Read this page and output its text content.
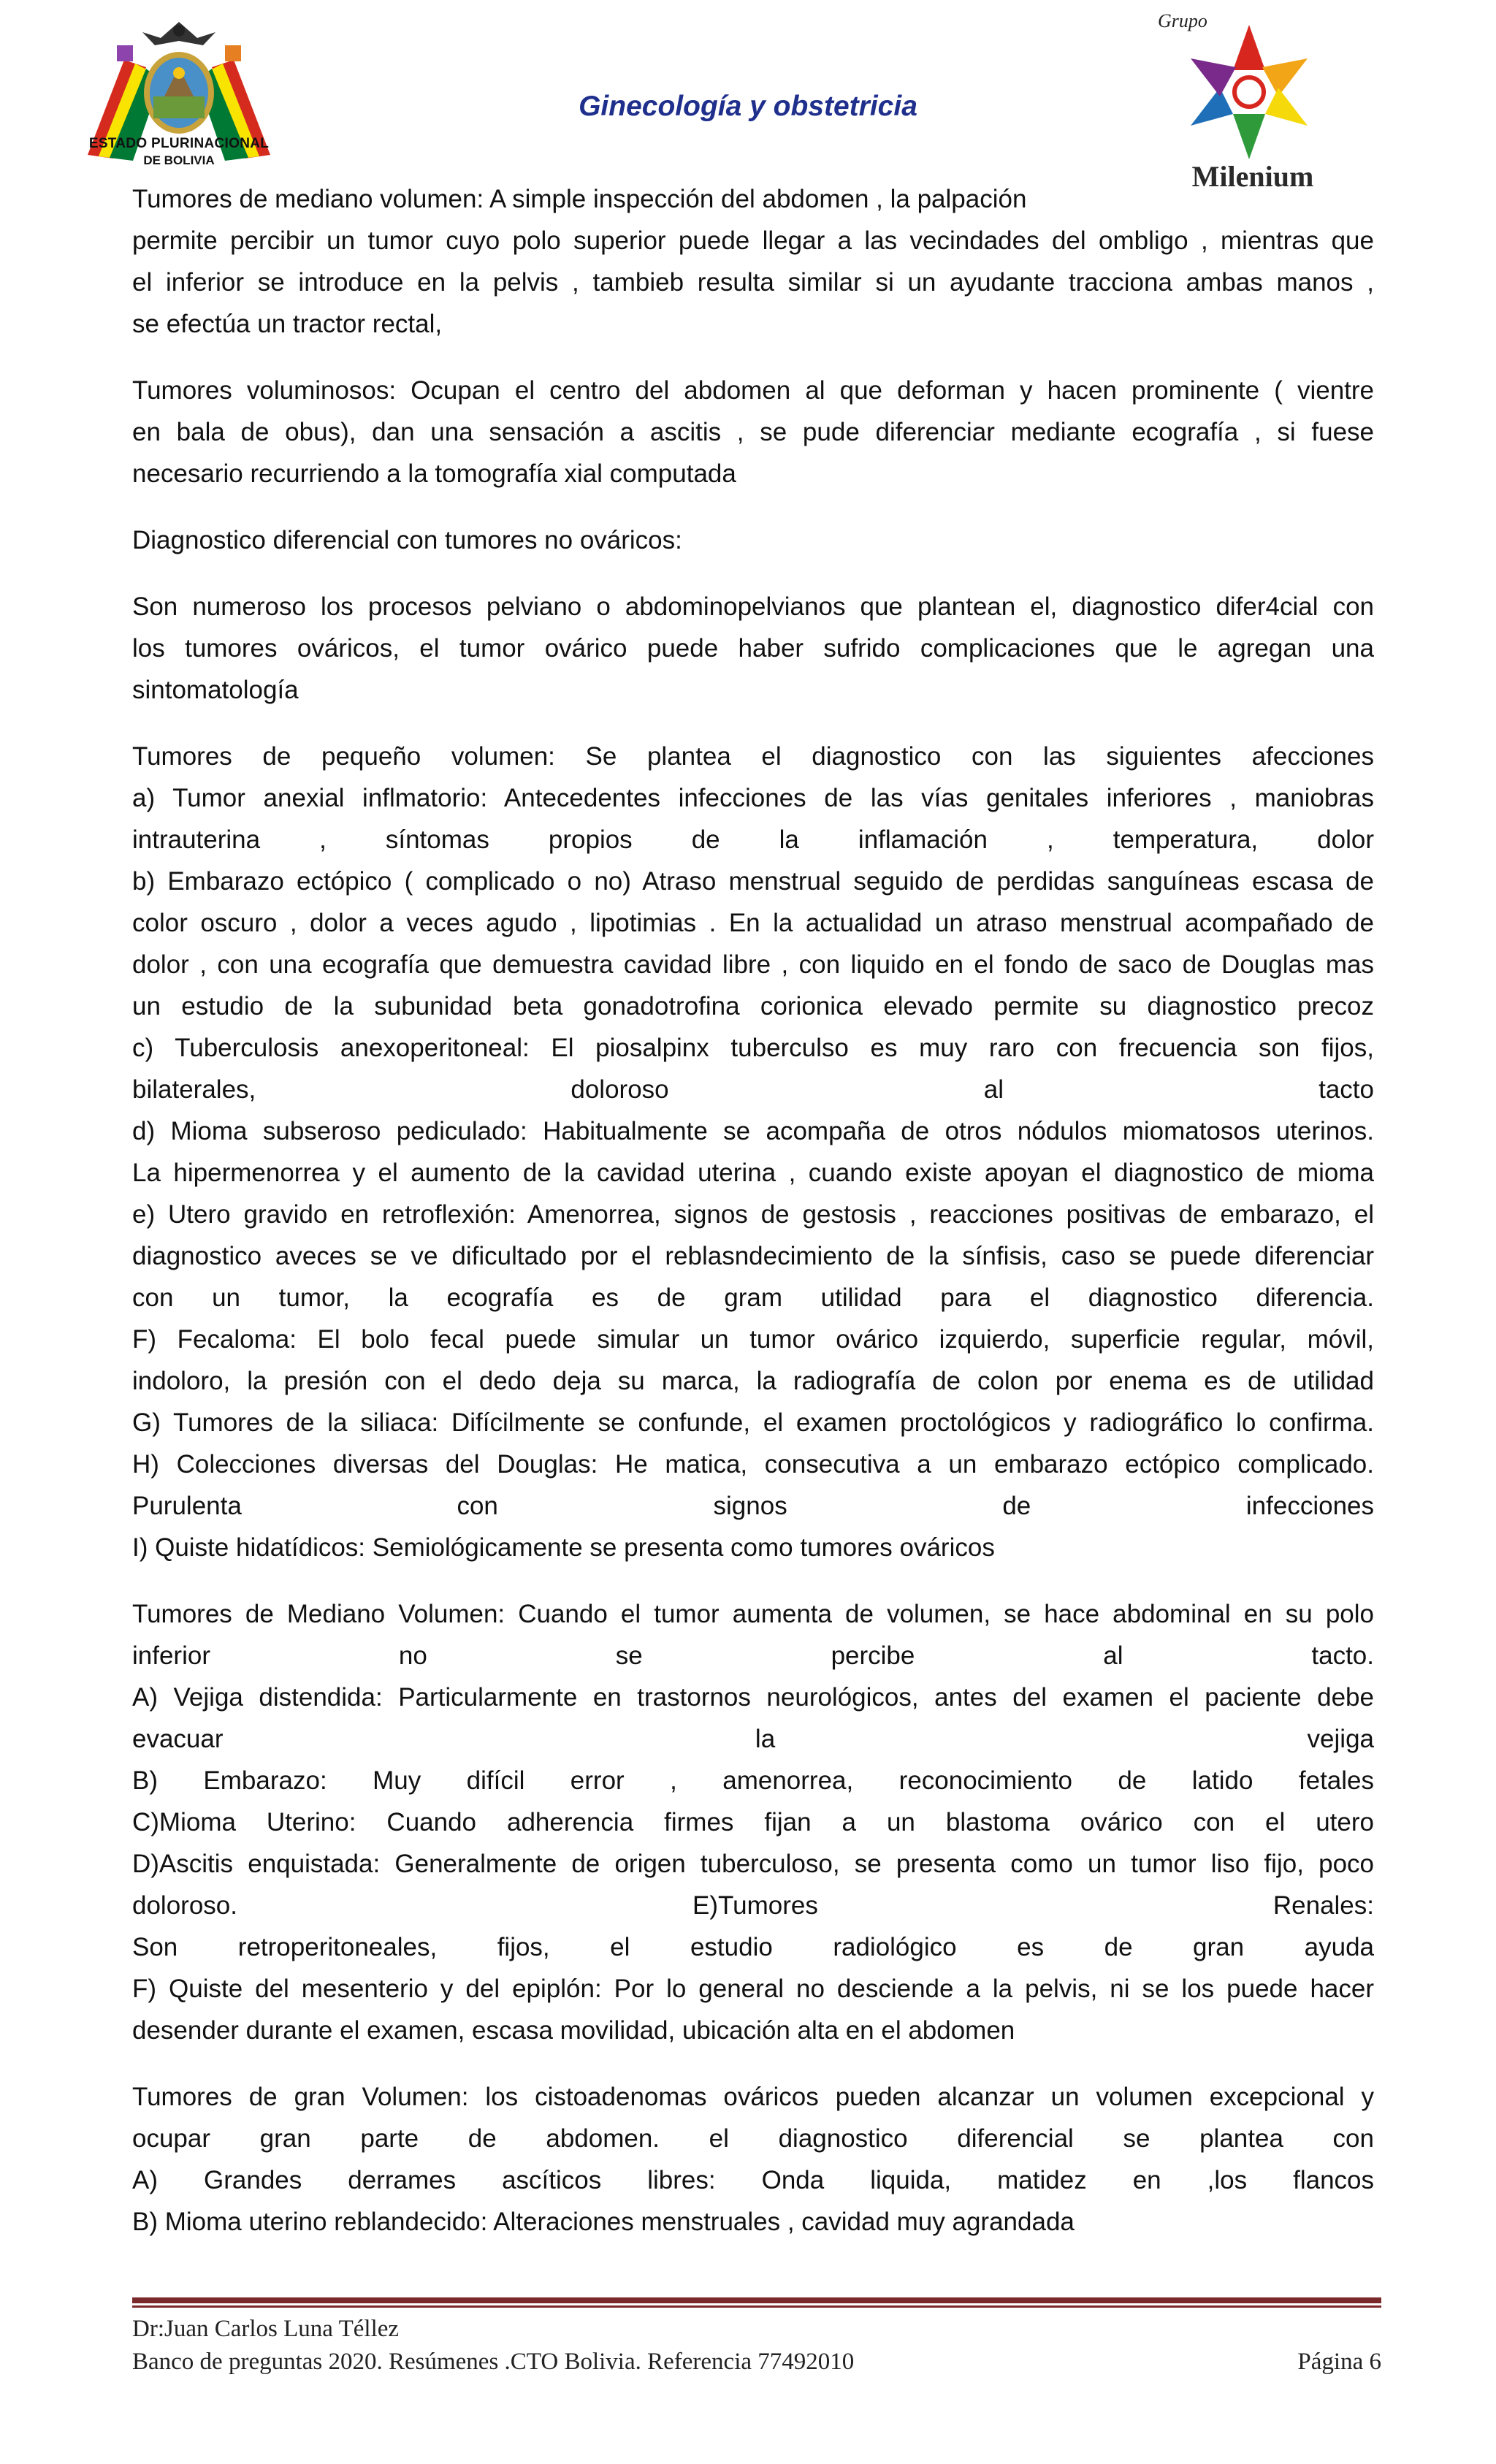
ESTADO PLURINACIONAL
DE BOLIVIA
Ginecología y obstetricia
Grupo
Milenium

Tumores de mediano volumen: A simple inspección del abdomen , la palpación
permite percibir un tumor cuyo polo superior puede llegar a las vecindades del ombligo , mientras que
el inferior se introduce en la pelvis , tambieb resulta similar si un ayudante tracciona ambas manos ,
se efectúa un tractor rectal,

Tumores voluminosos: Ocupan el centro del abdomen al que deforman y hacen prominente ( vientre
en bala de obus), dan una sensación a ascitis , se pude diferenciar mediante ecografía , si fuese
necesario recurriendo a la tomografía xial computada

Diagnostico diferencial con tumores no ováricos:

Son numeroso los procesos pelviano o abdominopelvianos que plantean el, diagnostico difer4cial con
los tumores ováricos, el tumor ovárico puede haber sufrido complicaciones que le agregan una
sintomatología

Tumores de pequeño volumen: Se plantea el diagnostico con las siguientes afecciones
a) Tumor anexial inflmatorio: Antecedentes infecciones de las vías genitales inferiores , maniobras
intrauterina , síntomas propios de la inflamación , temperatura, dolor
b) Embarazo ectópico ( complicado o no) Atraso menstrual seguido de perdidas sanguíneas escasa de
color oscuro , dolor a veces agudo , lipotimias . En la actualidad un atraso menstrual acompañado de
dolor , con una ecografía que demuestra cavidad libre , con liquido en el fondo de saco de Douglas mas
un estudio de la subunidad beta gonadotrofina corionica elevado permite su diagnostico precoz
c) Tuberculosis anexoperitoneal: El piosalpinx tuberculso es muy raro con frecuencia son fijos,
bilaterales, doloroso al tacto
d) Mioma subseroso pediculado: Habitualmente se acompaña de otros nódulos miomatosos uterinos.
La hipermenorrea y el aumento de la cavidad uterina , cuando existe apoyan el diagnostico de mioma
e) Utero gravido en retroflexión: Amenorrea, signos de gestosis , reacciones positivas de embarazo, el
diagnostico aveces se ve dificultado por el reblasndecimiento de la sínfisis, caso se puede diferenciar
con un tumor, la ecografía es de gram utilidad para el diagnostico diferencia.
F) Fecaloma: El bolo fecal puede simular un tumor ovárico izquierdo, superficie regular, móvil,
indoloro, la presión con el dedo deja su marca, la radiografía de colon por enema es de utilidad
G) Tumores de la siliaca: Difícilmente se confunde, el examen proctológicos y radiográfico lo confirma.
H) Colecciones diversas del Douglas: He matica, consecutiva a un embarazo ectópico complicado.
Purulenta con signos de infecciones
I) Quiste hidatídicos: Semiológicamente se presenta como tumores ováricos

Tumores de Mediano Volumen: Cuando el tumor aumenta de volumen, se hace abdominal en su polo
inferior no se percibe al tacto.
A) Vejiga distendida: Particularmente en trastornos neurológicos, antes del examen el paciente debe
evacuar la vejiga
B) Embarazo: Muy difícil error , amenorrea, reconocimiento de latido fetales
C)Mioma Uterino: Cuando adherencia firmes fijan a un blastoma ovárico con el utero
D)Ascitis enquistada: Generalmente de origen tuberculoso, se presenta como un tumor liso fijo, poco
doloroso. E)Tumores Renales:
Son retroperitoneales, fijos, el estudio radiológico es de gran ayuda
F) Quiste del mesenterio y del epiplón: Por lo general no desciende a la pelvis, ni se los puede hacer
desender durante el examen, escasa movilidad, ubicación alta en el abdomen

Tumores de gran Volumen: los cistoadenomas ováricos pueden alcanzar un volumen excepcional y
ocupar gran parte de abdomen. el diagnostico diferencial se plantea con
A) Grandes derrames ascíticos libres: Onda liquida, matidez en ,los flancos
B) Mioma uterino reblandecido: Alteraciones menstruales , cavidad muy agrandada

Dr:Juan Carlos Luna Téllez
Banco de preguntas 2020. Resúmenes .CTO Bolivia. Referencia 77492010	Página 6
